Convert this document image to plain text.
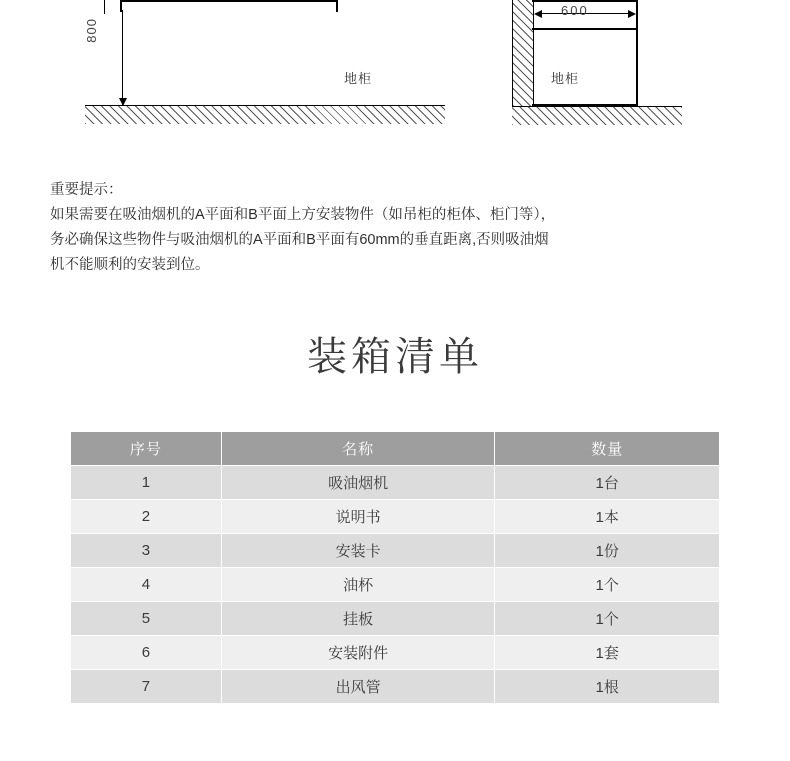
800
地柜
600
地柜
重要提示：
如果需要在吸油烟机的A平面和B平面上方安装物件（如吊柜的柜体、柜门等），
务必确保这些物件与吸油烟机的A平面和B平面有60mm的垂直距离,否则吸油烟
机不能顺利的安装到位。
装箱清单
序号	名称	数量
1	吸油烟机	1台
2	说明书	1本
3	安装卡	1份
4	油杯	1个
5	挂板	1个
6	安装附件	1套
7	出风管	1根
